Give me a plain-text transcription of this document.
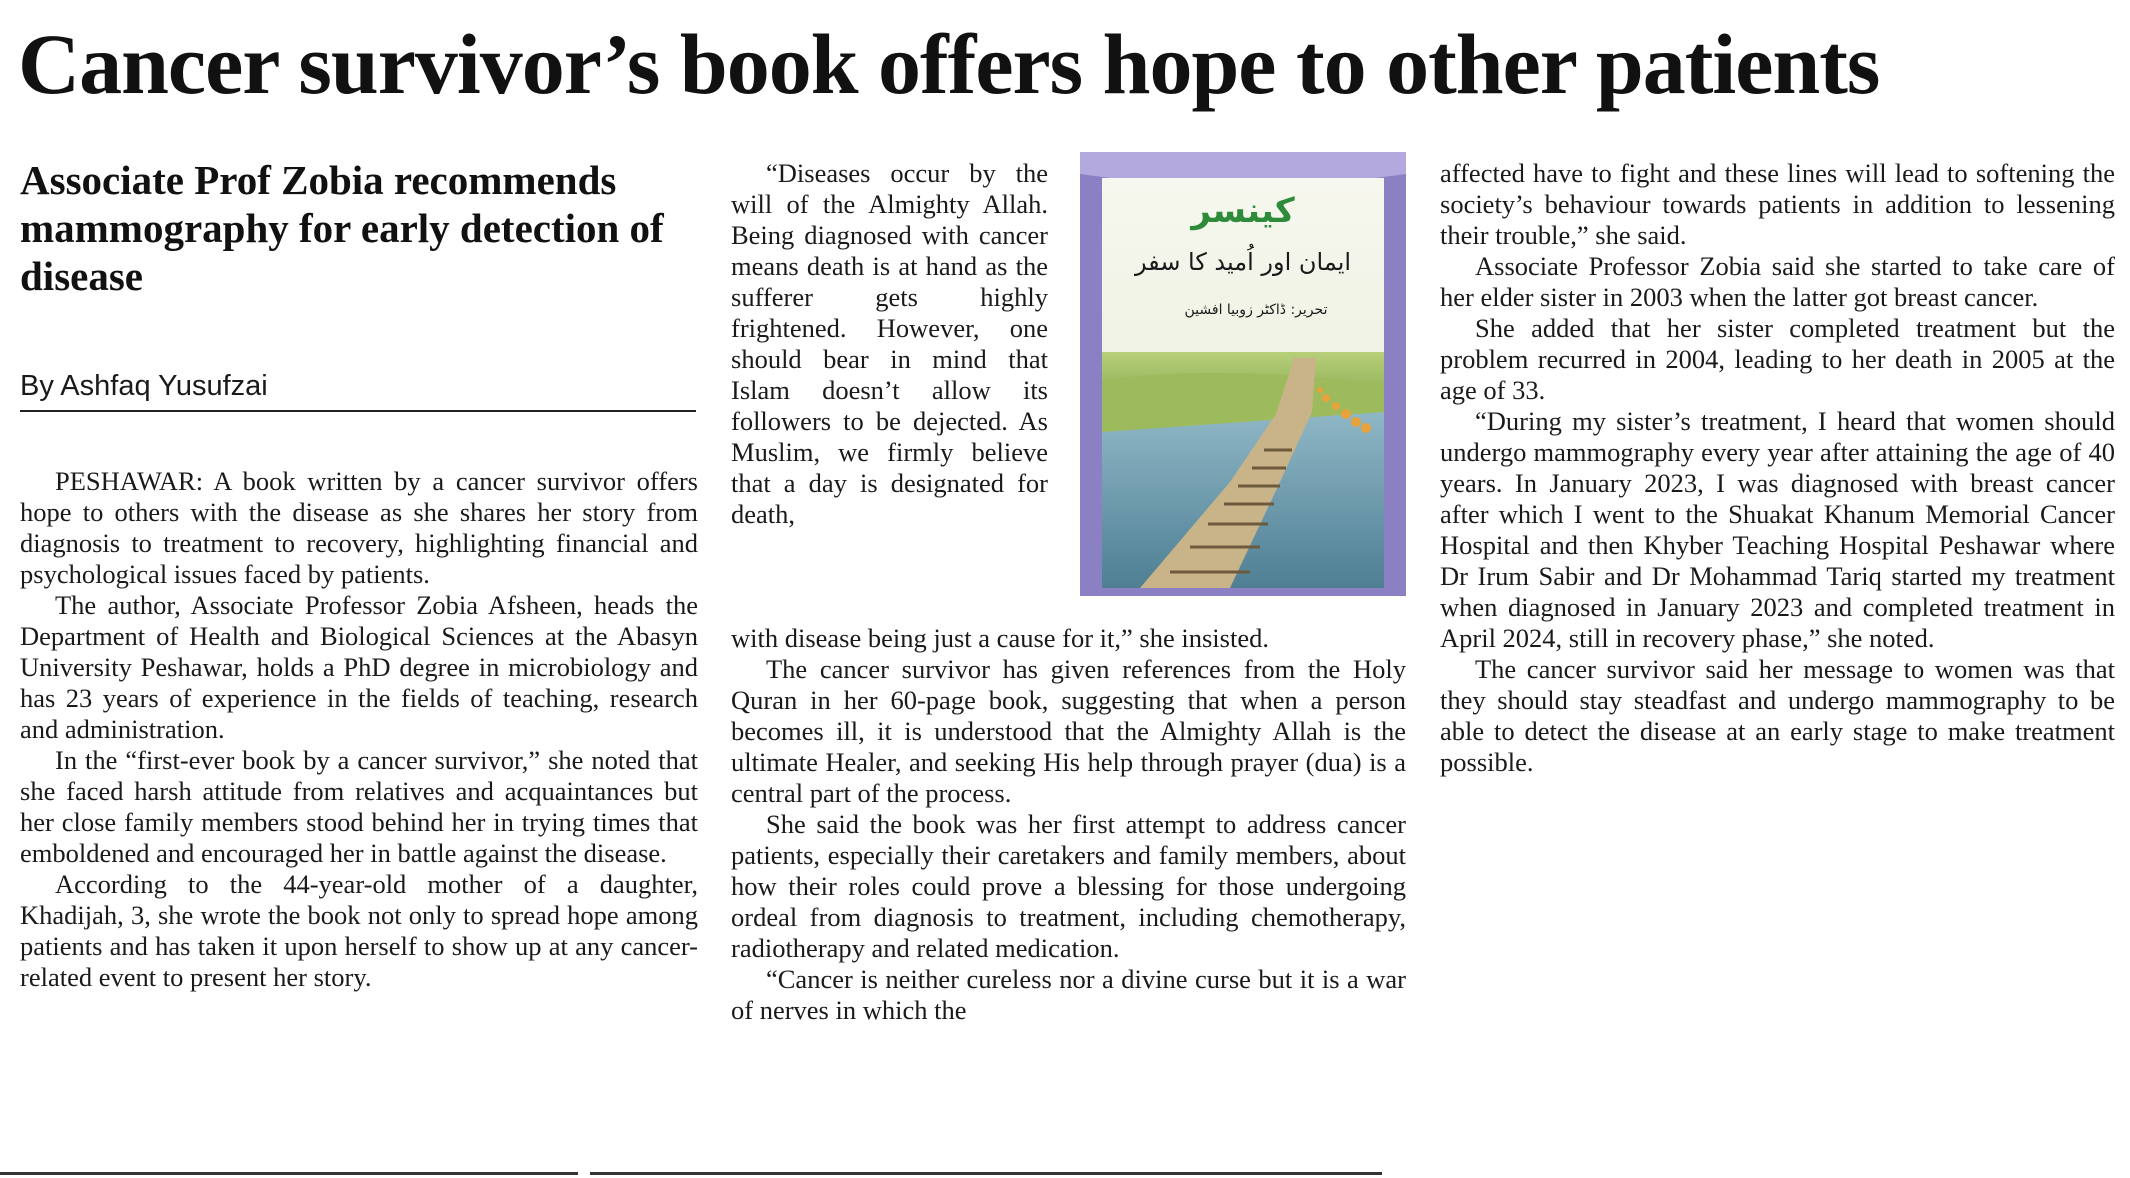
Cancer survivor’s book offers hope to other patients
Associate Prof Zobia recommends mammography for early detection of disease
By Ashfaq Yusufzai

PESHAWAR: A book written by a cancer survivor offers hope to others with the disease as she shares her story from diagnosis to treatment to recovery, highlighting financial and psychological issues faced by patients.

The author, Associate Professor Zobia Afsheen, heads the Department of Health and Biological Sciences at the Abasyn University Peshawar, holds a PhD degree in microbiology and has 23 years of experience in the fields of teaching, research and administration.

In the “first-ever book by a cancer survivor,” she noted that she faced harsh attitude from relatives and acquaintances but her close family members stood behind her in trying times that emboldened and encouraged her in battle against the disease.

According to the 44-year-old mother of a daughter, Khadijah, 3, she wrote the book not only to spread hope among patients and has taken it upon herself to show up at any cancer-related event to present her story.

“Diseases occur by the will of the Almighty Allah. Being diagnosed with cancer means death is at hand as the sufferer gets highly frightened. However, one should bear in mind that Islam doesn’t allow its followers to be dejected. As Muslim, we firmly believe that a day is designated for death,

کینسر
ایمان اور اُمید کا سفر
تحریر: ڈاکٹر زوبیا افشین

with disease being just a cause for it,” she insisted.

The cancer survivor has given references from the Holy Quran in her 60-page book, suggesting that when a person becomes ill, it is understood that the Almighty Allah is the ultimate Healer, and seeking His help through prayer (dua) is a central part of the process.

She said the book was her first attempt to address cancer patients, especially their caretakers and family members, about how their roles could prove a blessing for those undergoing ordeal from diagnosis to treatment, including chemotherapy, radiotherapy and related medication.

“Cancer is neither cureless nor a divine curse but it is a war of nerves in which the

affected have to fight and these lines will lead to softening the society’s behaviour towards patients in addition to lessening their trouble,” she said.

Associate Professor Zobia said she started to take care of her elder sister in 2003 when the latter got breast cancer.

She added that her sister completed treatment but the problem recurred in 2004, leading to her death in 2005 at the age of 33.

“During my sister’s treatment, I heard that women should undergo mammography every year after attaining the age of 40 years. In January 2023, I was diagnosed with breast cancer after which I went to the Shuakat Khanum Memorial Cancer Hospital and then Khyber Teaching Hospital Peshawar where Dr Irum Sabir and Dr Mohammad Tariq started my treatment when diagnosed in January 2023 and completed treatment in April 2024, still in recovery phase,” she noted.

The cancer survivor said her message to women was that they should stay steadfast and undergo mammography to be able to detect the disease at an early stage to make treatment possible.
